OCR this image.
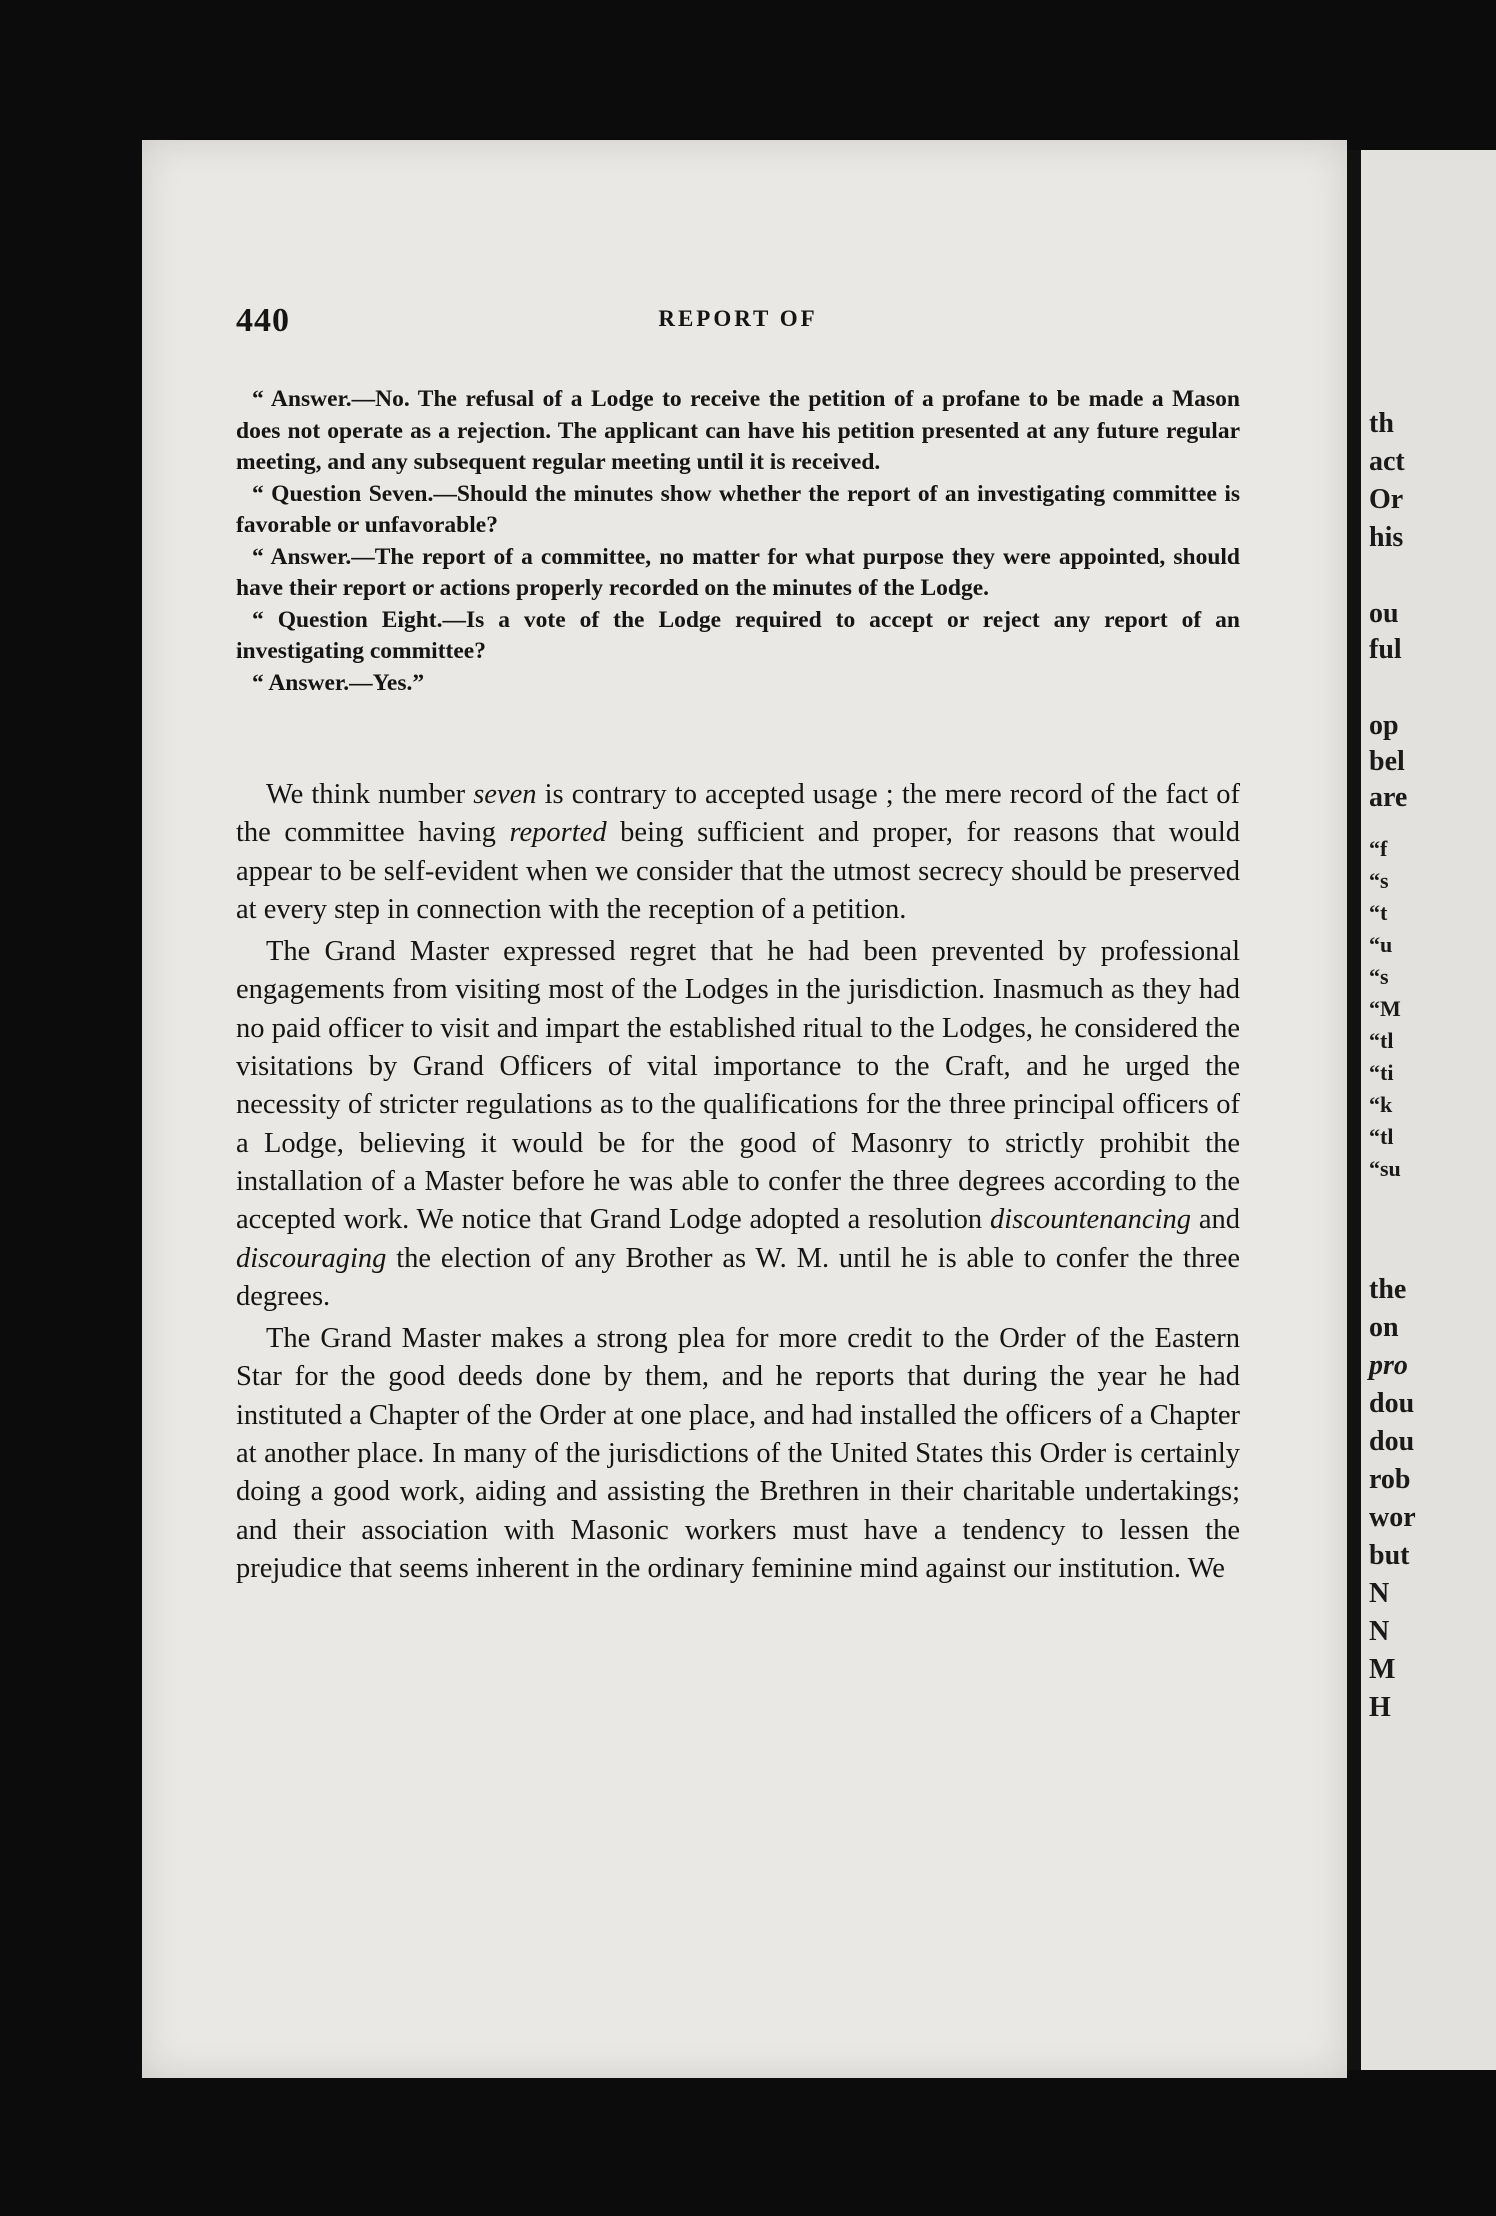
th
act
Or
his
ou
ful
op
bel
are
“f
“s
“t
“u
“s
“M
“tl
“ti
“k
“tl
“su
the
on
pro
dou
dou
rob
wor
but
N
N
M
H
440	REPORT OF

“ Answer.—No. The refusal of a Lodge to receive the petition of a profane to be made a Mason does not operate as a rejection. The applicant can have his petition presented at any future regular meeting, and any subsequent regular meeting until it is received.

“ Question Seven.—Should the minutes show whether the report of an investigating committee is favorable or unfavorable?

“ Answer.—The report of a committee, no matter for what purpose they were appointed, should have their report or actions properly recorded on the minutes of the Lodge.

“ Question Eight.—Is a vote of the Lodge required to accept or reject any report of an investigating committee?

“ Answer.—Yes.”

We think number seven is contrary to accepted usage ; the mere record of the fact of the committee having reported being sufficient and proper, for reasons that would appear to be self-evident when we consider that the utmost secrecy should be preserved at every step in connection with the reception of a petition.

The Grand Master expressed regret that he had been prevented by professional engagements from visiting most of the Lodges in the jurisdiction. Inasmuch as they had no paid officer to visit and impart the established ritual to the Lodges, he considered the visitations by Grand Officers of vital importance to the Craft, and he urged the necessity of stricter regulations as to the qualifications for the three principal officers of a Lodge, believing it would be for the good of Masonry to strictly prohibit the installation of a Master before he was able to confer the three degrees according to the accepted work. We notice that Grand Lodge adopted a resolution discountenancing and discouraging the election of any Brother as W. M. until he is able to confer the three degrees.

The Grand Master makes a strong plea for more credit to the Order of the Eastern Star for the good deeds done by them, and he reports that during the year he had instituted a Chapter of the Order at one place, and had installed the officers of a Chapter at another place. In many of the jurisdictions of the United States this Order is certainly doing a good work, aiding and assisting the Brethren in their charitable undertakings; and their association with Masonic workers must have a tendency to lessen the prejudice that seems inherent in the ordinary feminine mind against our institution. We
